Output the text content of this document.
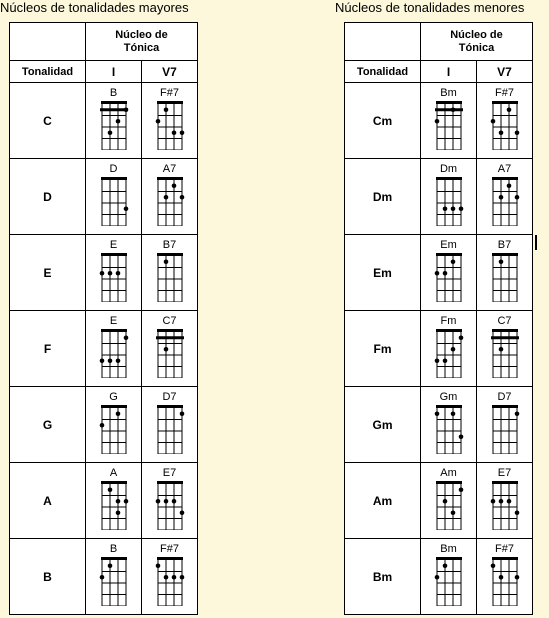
Núcleos de tonalidades mayores	Núcleos de tonalidades menores

	Núcleo de
Tónica	

Tonalidad	I	V7
C	B	F#7

D	D	A7

E	E	B7

F	E	C7

G	G	D7

A	A	E7

B	B	F#7

	Núcleo de
Tónica	

Tonalidad	I	V7
Cm	Bm	F#7

Dm	Dm	A7

Em	Em	B7

Fm	Fm	C7

Gm	Gm	D7

Am	Am	E7

Bm	Bm	F#7
